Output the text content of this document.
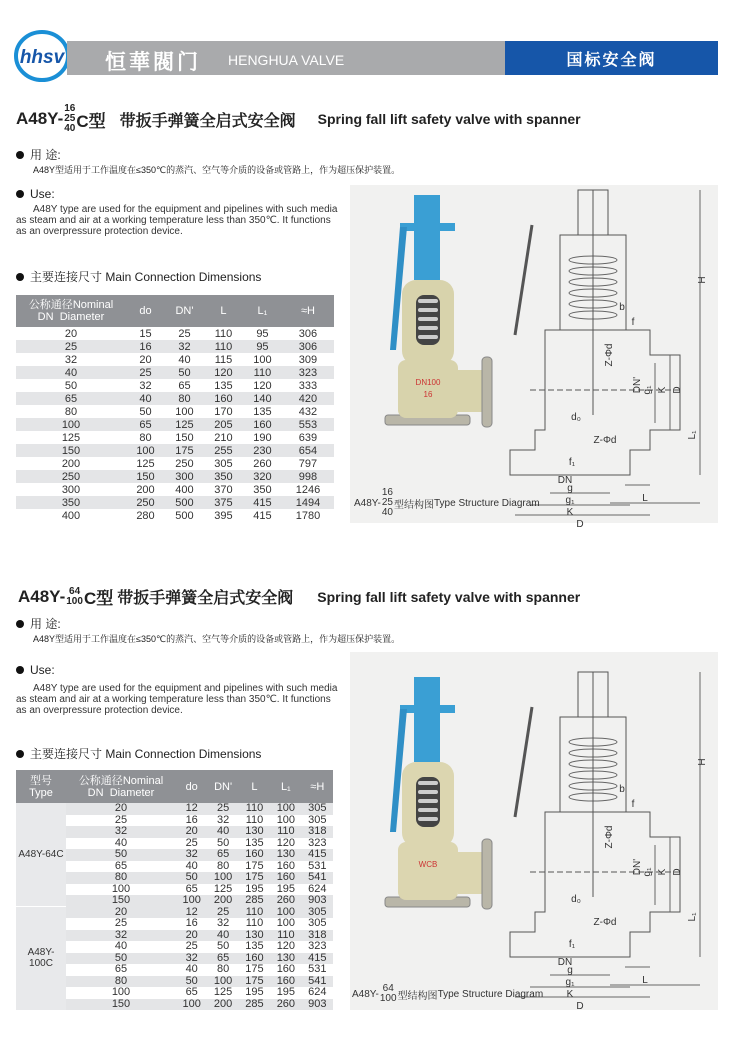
hhsv 恒華閥门 HENGHUA VALVE	国标安全阀
A48Y-
16
25
40 C型 带扳手弹簧全启式安全阀 Spring fall lift safety valve with spanner
用 途:
A48Y型适用于工作温度在≤350℃的蒸汽、空气等介质的设备或管路上，作为超压保护装置。
Use:
A48Y type are used for the equipment and pipelines with such media as steam and air at a working temperature less than 350℃. It functions as an overpressure protection device.
主要连接尺寸 Main Connection Dimensions
公称通径Nominal
DN Diameter	do	DN'	L	L₁	≈H
20	15	25	110	95	306
25	16	32	110	95	306
32	20	40	115	100	309
40	25	50	120	110	323
50	32	65	135	120	333
65	40	80	160	140	420
80	50	100	170	135	432
100	65	125	205	160	553
125	80	150	210	190	639
150	100	175	255	230	654
200	125	250	305	260	797
250	150	300	350	320	998
300	200	400	370	350	1246
350	250	500	375	415	1494
400	280	500	395	415	1780
DN100
16
H
b
f
Z-Φd
DN' g₁ K D
L₁
d₀
Z-Φd
f₁
DN
g
g₁
K
D
L
A48Y-
16
25
40
型结构图 Type Structure Diagram
A48Y- 64
100 C型 带扳手弹簧全启式安全阀 Spring fall lift safety valve with spanner
用 途:
A48Y型适用于工作温度在≤350℃的蒸汽、空气等介质的设备或管路上，作为超压保护装置。
Use:
A48Y type are used for the equipment and pipelines with such media as steam and air at a working temperature less than 350℃. It functions as an overpressure protection device.
主要连接尺寸 Main Connection Dimensions
型号
Type	公称通径Nominal
DN Diameter	do	DN'	L	L₁	≈H
A48Y-64C	20	12	25	110	100	305
	25	16	32	110	100	305
	32	20	40	130	110	318
	40	25	50	135	120	323
	50	32	65	160	130	415
	65	40	80	175	160	531
	80	50	100	175	160	541
	100	65	125	195	195	624
	150	100	200	285	260	903
A48Y-100C	20	12	25	110	100	305
	25	16	32	110	100	305
	32	20	40	130	110	318
	40	25	50	135	120	323
	50	32	65	160	130	415
	65	40	80	175	160	531
	80	50	100	175	160	541
	100	65	125	195	195	624
	150	100	200	285	260	903
WCB
H
b
f
Z-Φd
DN' g₁ K D
L₁
d₀
Z-Φd
f₁
DN
g
g₁
K
D
L
A48Y- 64
100 型结构图 Type Structure Diagram
